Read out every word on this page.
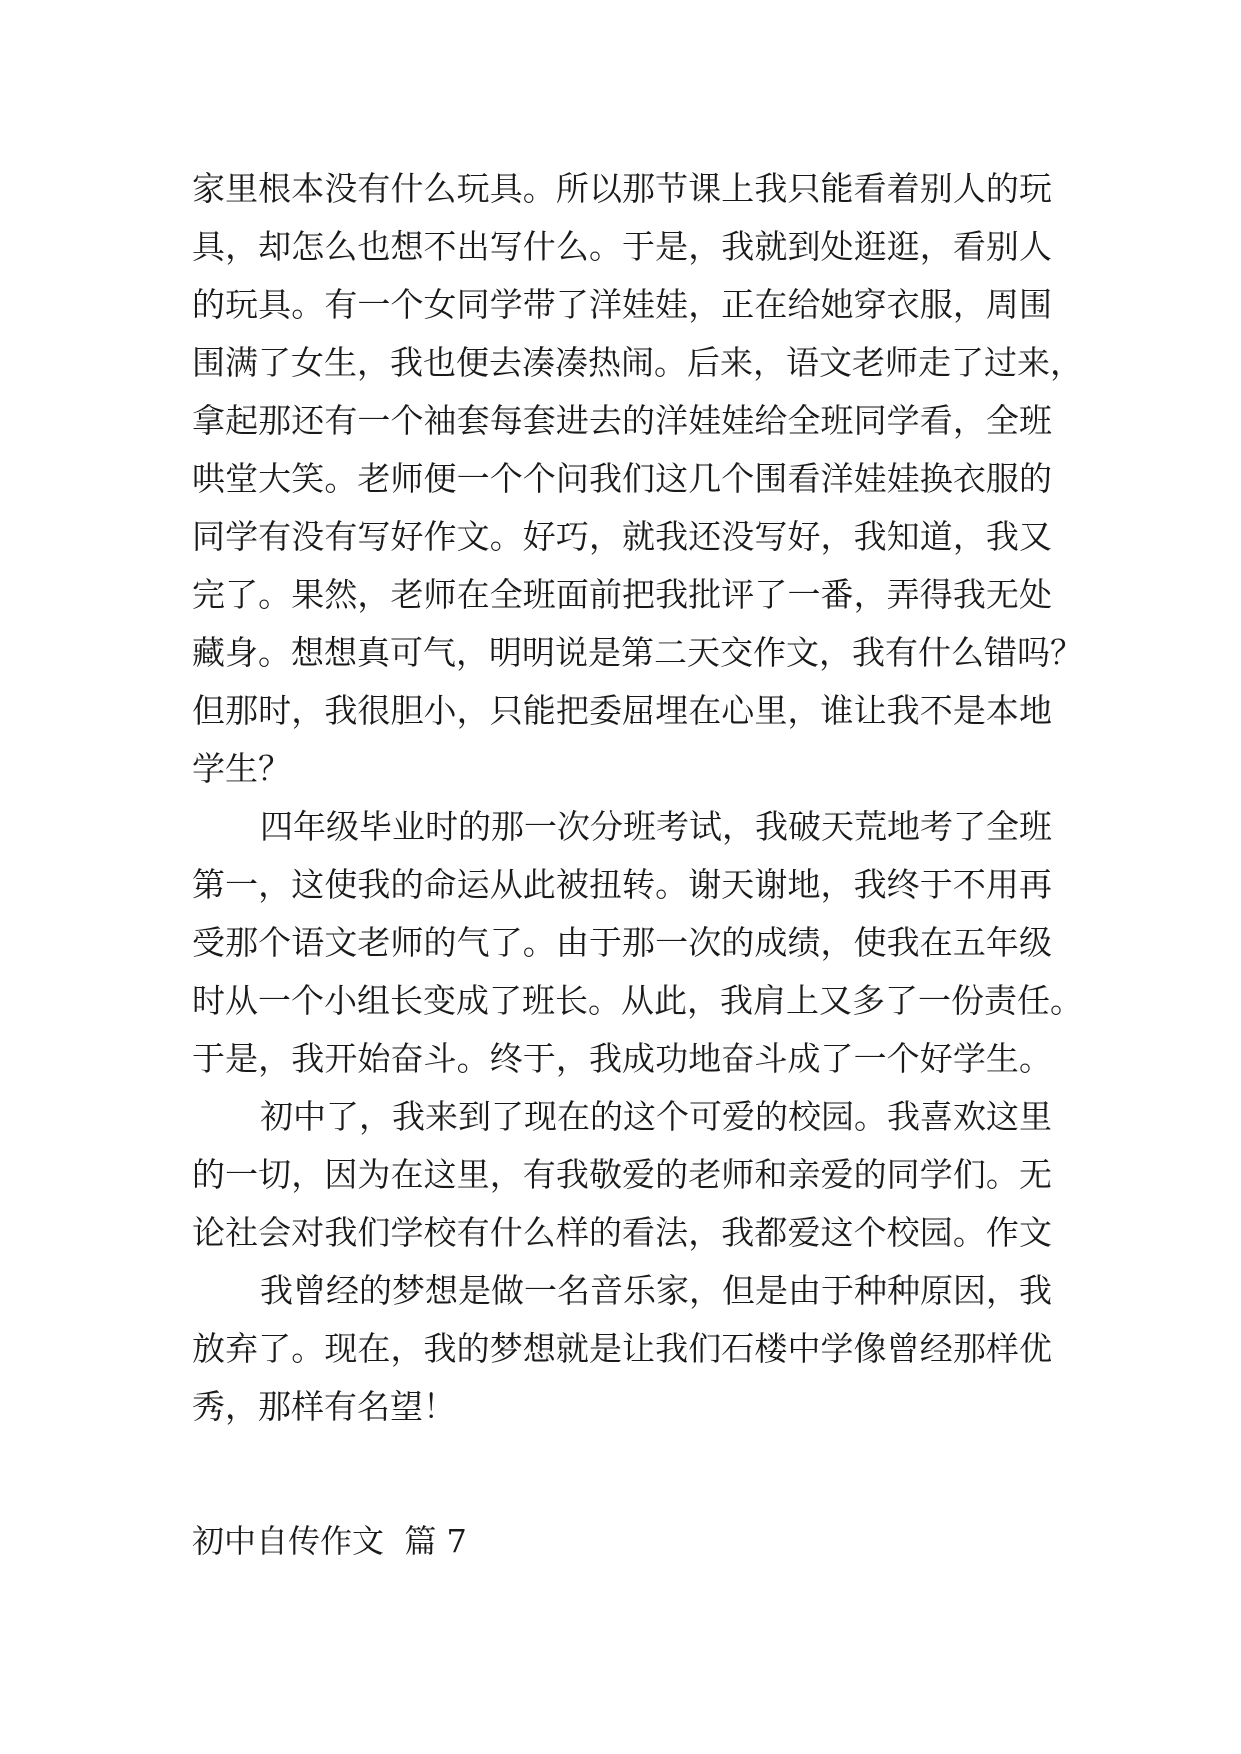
家里根本没有什么玩具。所以那节课上我只能看着别人的玩
具，却怎么也想不出写什么。于是，我就到处逛逛，看别人
的玩具。有一个女同学带了洋娃娃，正在给她穿衣服，周围
围满了女生，我也便去凑凑热闹。后来，语文老师走了过来，
拿起那还有一个袖套每套进去的洋娃娃给全班同学看，全班
哄堂大笑。老师便一个个问我们这几个围看洋娃娃换衣服的
同学有没有写好作文。好巧，就我还没写好，我知道，我又
完了。果然，老师在全班面前把我批评了一番，弄得我无处
藏身。想想真可气，明明说是第二天交作文，我有什么错吗？
但那时，我很胆小，只能把委屈埋在心里，谁让我不是本地
学生？
四年级毕业时的那一次分班考试，我破天荒地考了全班
第一，这使我的命运从此被扭转。谢天谢地，我终于不用再
受那个语文老师的气了。由于那一次的成绩，使我在五年级
时从一个小组长变成了班长。从此，我肩上又多了一份责任。
于是，我开始奋斗。终于，我成功地奋斗成了一个好学生。
初中了，我来到了现在的这个可爱的校园。我喜欢这里
的一切，因为在这里，有我敬爱的老师和亲爱的同学们。无
论社会对我们学校有什么样的看法，我都爱这个校园。作文
我曾经的梦想是做一名音乐家，但是由于种种原因，我
放弃了。现在，我的梦想就是让我们石楼中学像曾经那样优
秀，那样有名望！
初中自传作文  篇 7
